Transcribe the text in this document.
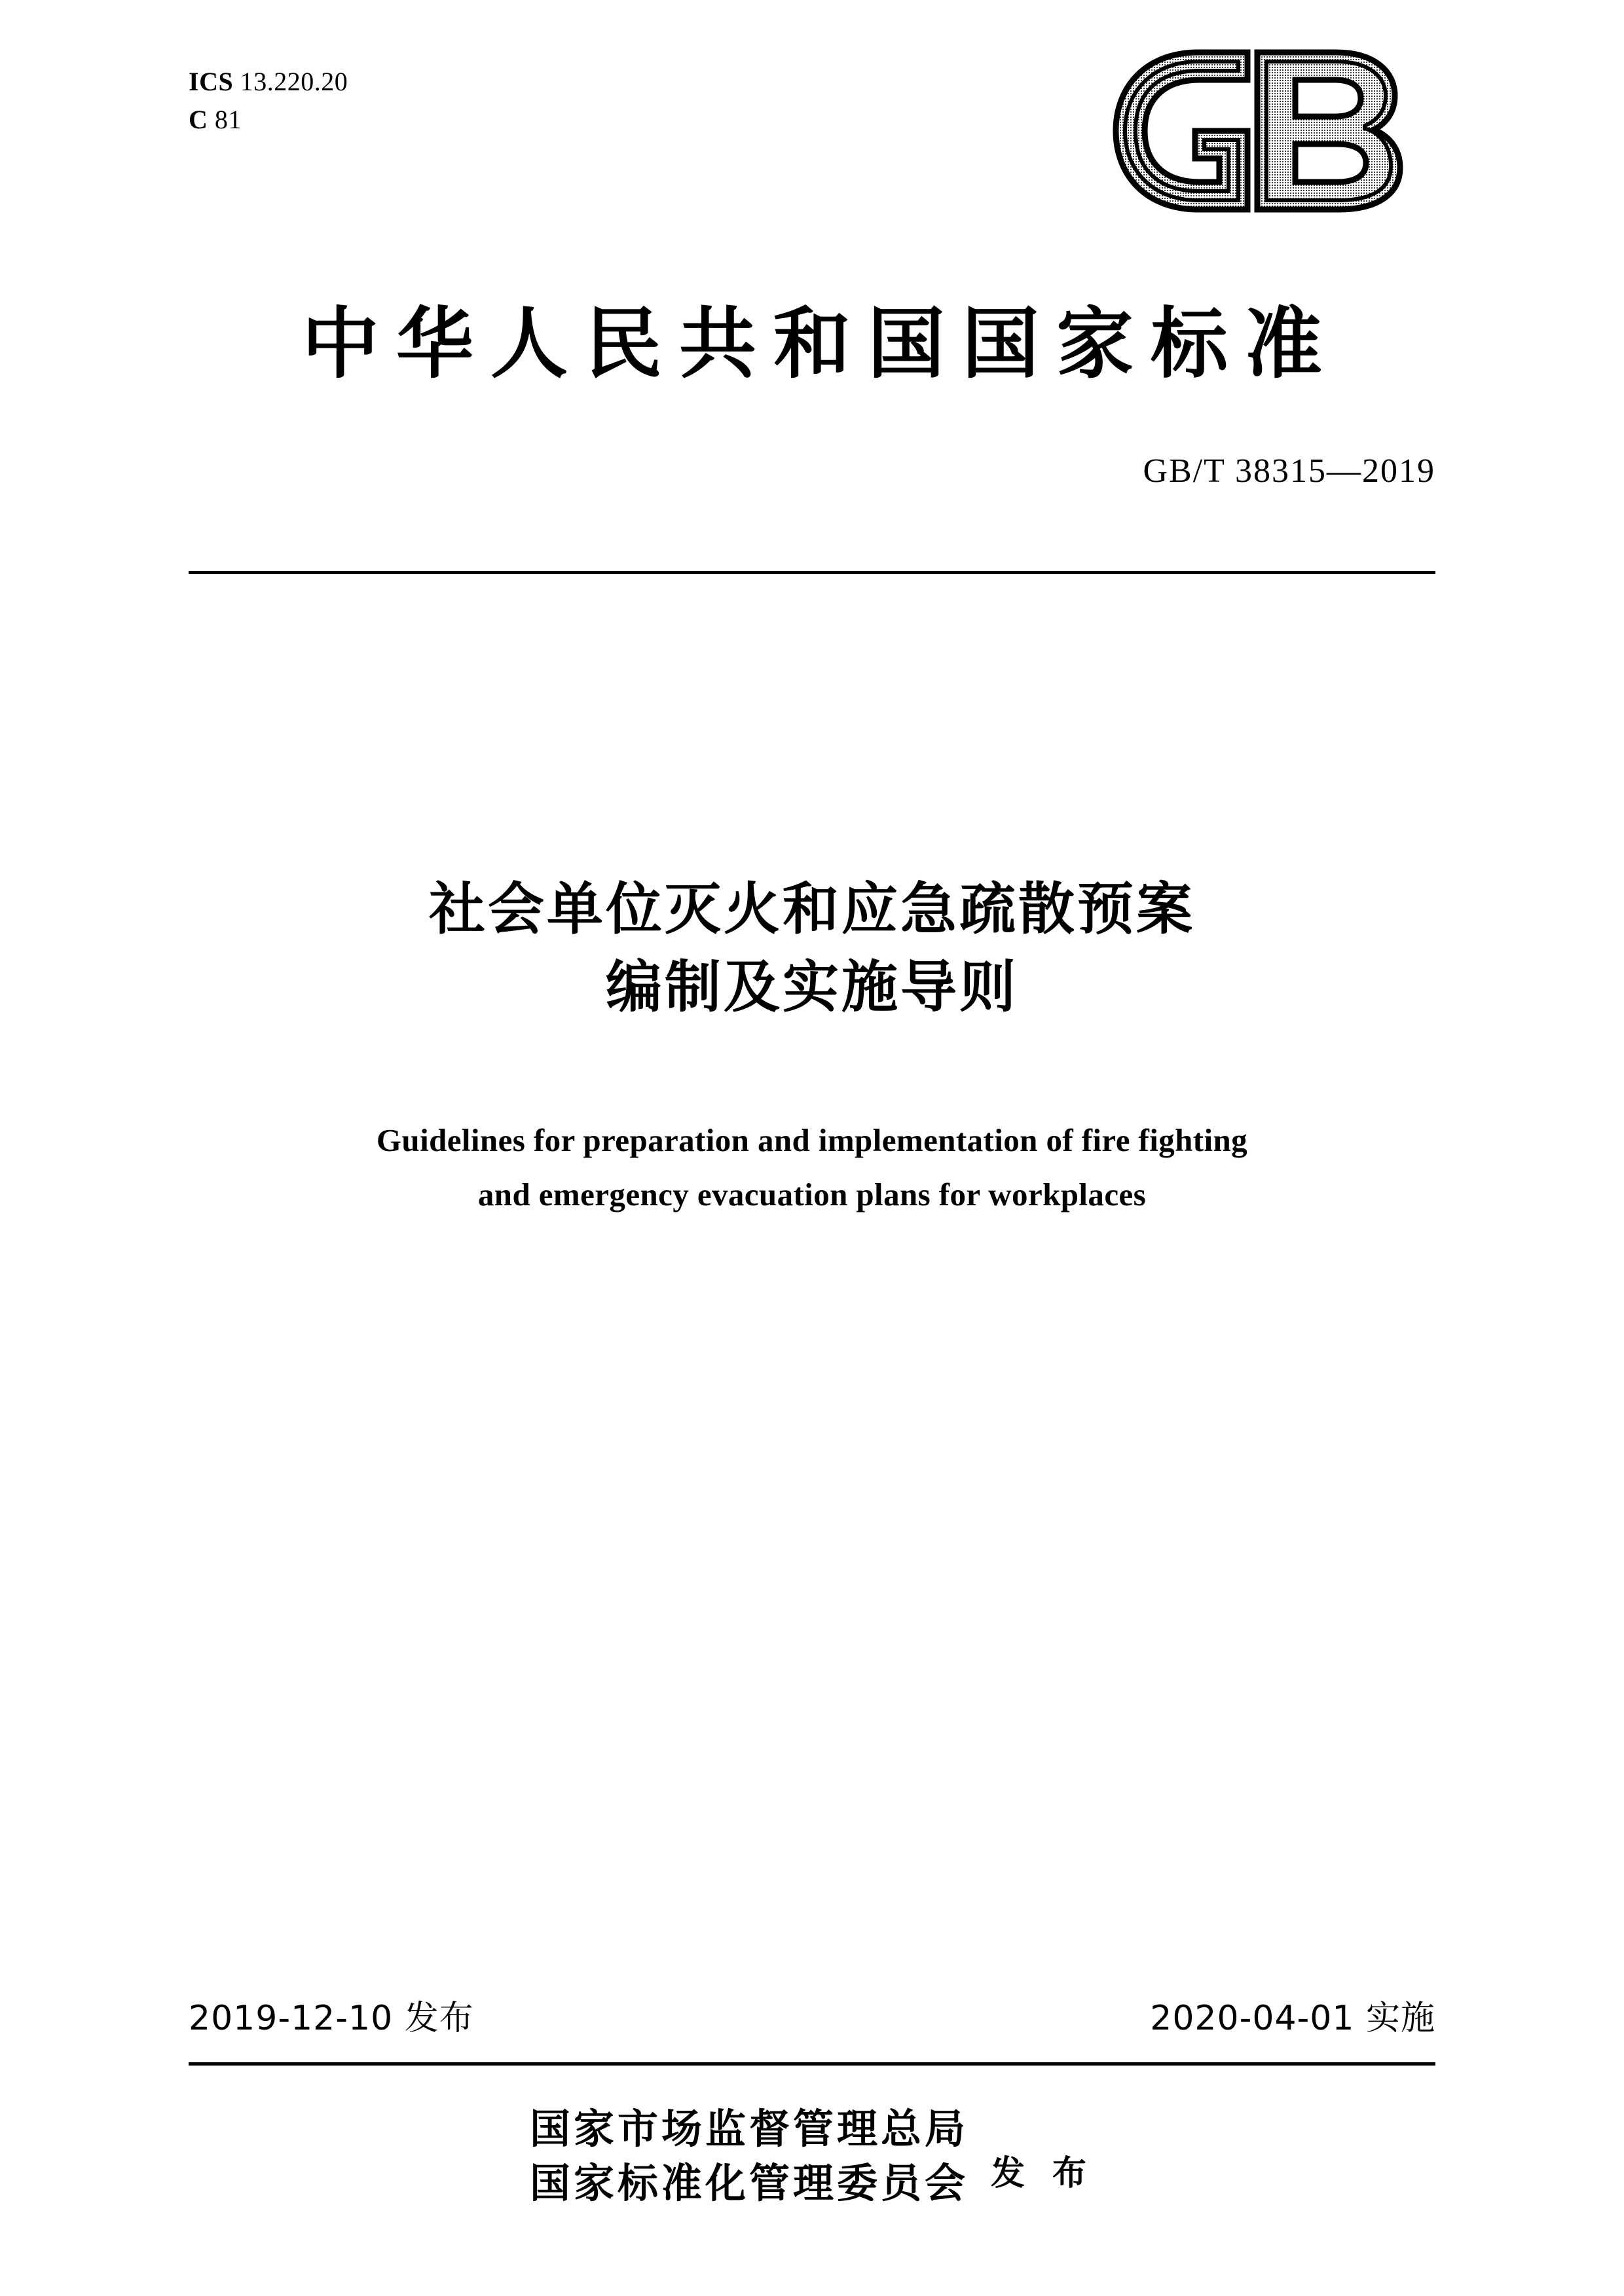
ICS 13.220.20
C 81
中华人民共和国国家标准
GB/T 38315—2019
社会单位灭火和应急疏散预案
编制及实施导则
Guidelines for preparation and implementation of fire fighting
and emergency evacuation plans for workplaces
2019-12-10 发布	2020-04-01 实施
国家市场监督管理总局
国家标准化管理委员会 发 布
